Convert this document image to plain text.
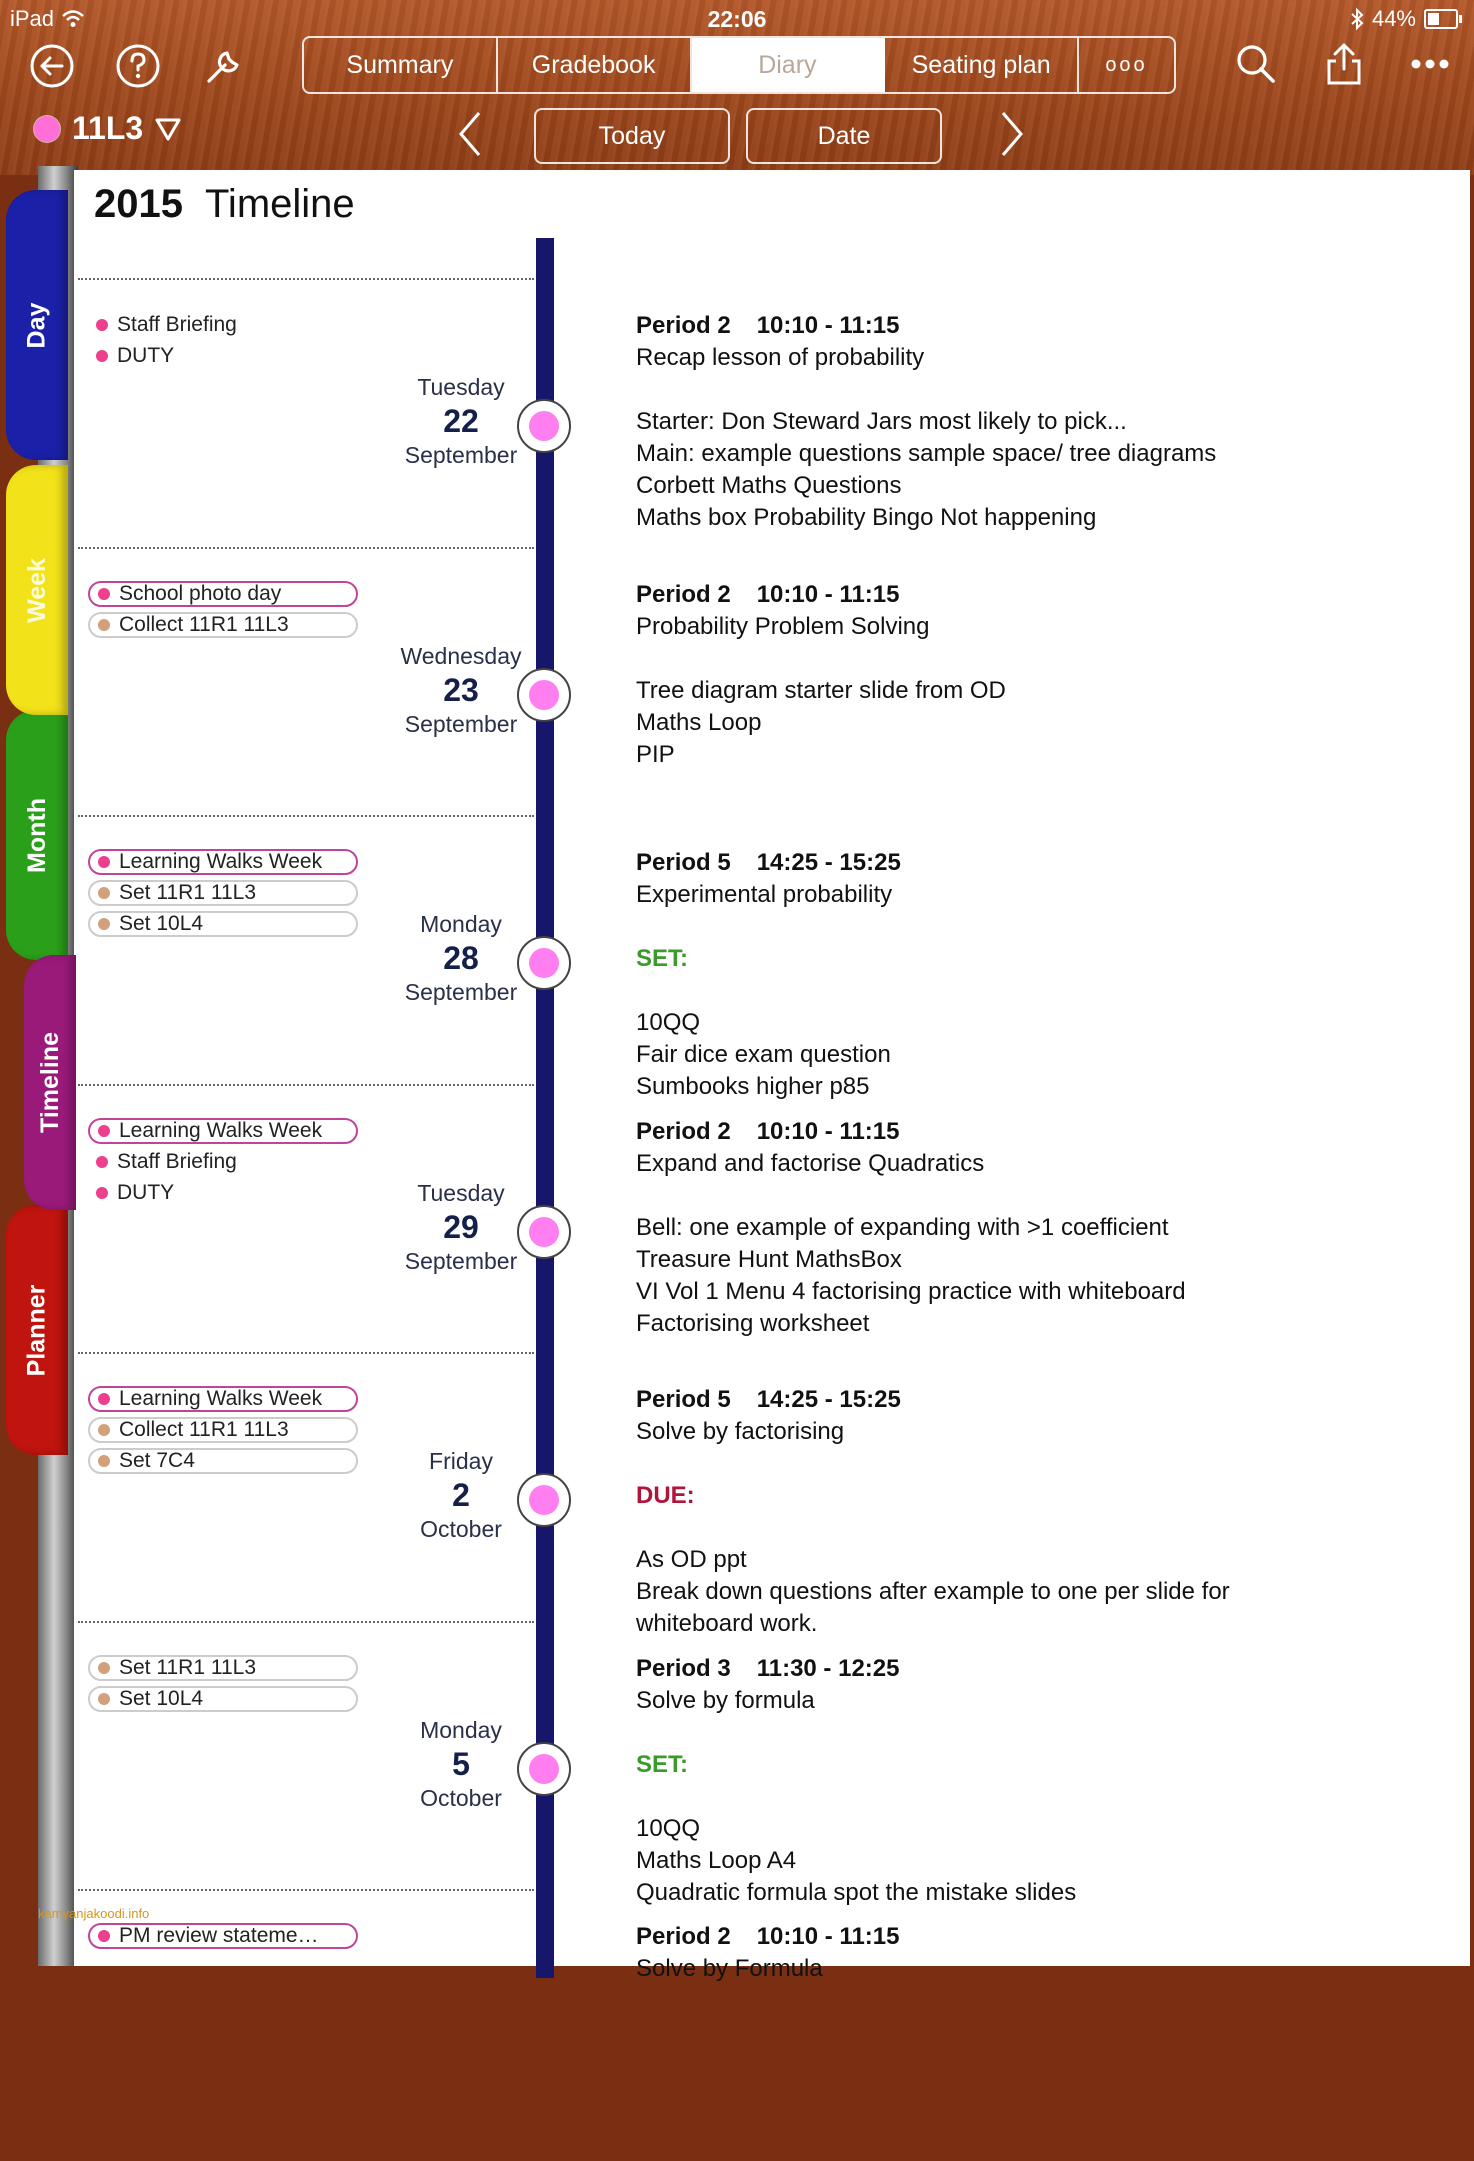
iPad	22:06	44%
Summary	Gradebook	Diary	Seating plan	ooo
11L3	Today	Date
Day
Week
Month
Timeline
Planner
2015 Timeline
Staff Briefing
DUTY
Tuesday
22
September
Period 2 10:10 - 11:15
Recap lesson of probability
Starter: Don Steward Jars most likely to pick...
Main: example questions sample space/ tree diagrams
Corbett Maths Questions
Maths box Probability Bingo Not happening
School photo day
Collect 11R1 11L3
Wednesday
23
September
Period 2 10:10 - 11:15
Probability Problem Solving
Tree diagram starter slide from OD
Maths Loop
PIP
Learning Walks Week
Set 11R1 11L3
Set 10L4	Monday
28
September
Period 5 14:25 - 15:25
Experimental probability
SET:
10QQ
Fair dice exam question
Sumbooks higher p85
Learning Walks Week
Staff Briefing
DUTY	Tuesday
29
September
Period 2 10:10 - 11:15
Expand and factorise Quadratics
Bell: one example of expanding with >1 coefficient
Treasure Hunt MathsBox
VI Vol 1 Menu 4 factorising practice with whiteboard
Factorising worksheet
Learning Walks Week
Collect 11R1 11L3
Set 7C4	Friday
2
October
Period 5 14:25 - 15:25
Solve by factorising
DUE:
As OD ppt
Break down questions after example to one per slide for
whiteboard work.
Set 11R1 11L3
Set 10L4
Monday
5
October
Period 3 11:30 - 12:25
Solve by formula
SET:
10QQ
Maths Loop A4
Quadratic formula spot the mistake slides
PM review stateme…	Period 2 10:10 - 11:15
Solve by Formula
kamyanjakoodi.info
